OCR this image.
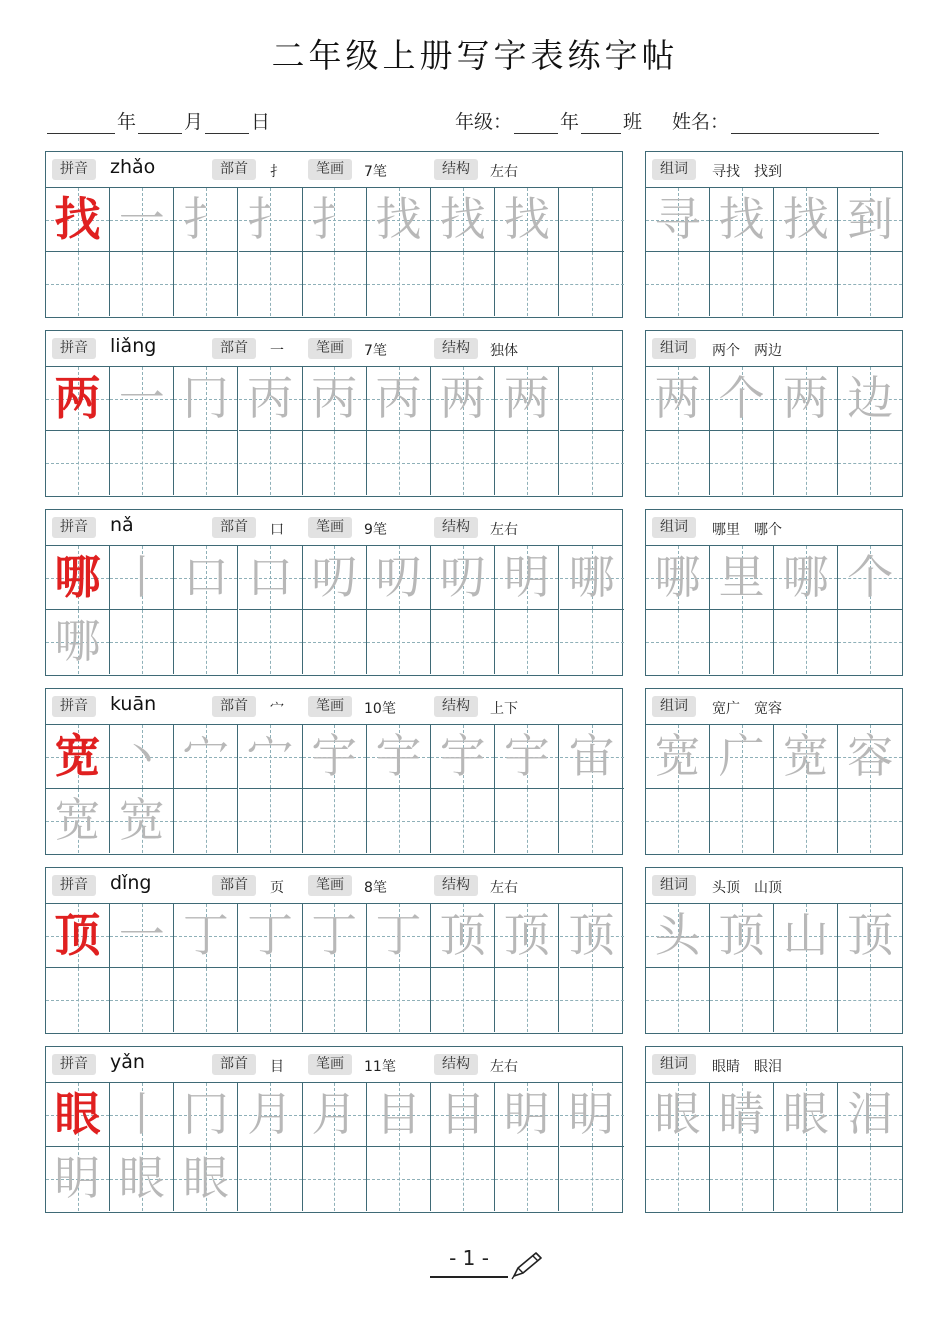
二年级上册写字表练字帖
年	月	日	年级：	年 班 姓名：
拼音	zhǎo	部首	扌	笔画	7笔	结构	左右
找 一 扌 扌 扌 找 找 找
组词	寻找　找到
寻 找 找 到
拼音	liǎng	部首	一	笔画	7笔	结构	独体
两 一 冂 丙 丙 丙 两 两
组词	两个　两边
两 个 两 边
拼音	nǎ	部首	口	笔画	9笔	结构	左右
哪 丨 口 口 叨 叨 叨 明 哪
哪
组词	哪里　哪个
哪 里 哪 个
拼音	kuān	部首	宀	笔画	10笔	结构	上下
宽 丶 宀 宀 宇 宇 宇 宇 宙
宽 宽
组词	宽广　宽容
宽 广 宽 容
拼音	dǐng	部首	页	笔画	8笔	结构	左右
顶 一 丁 丁 丁 丁 顶 顶 顶
组词	头顶　山顶
头 顶 山 顶
拼音	yǎn	部首	目	笔画	11笔	结构	左右
眼 丨 冂 月 月 目 目 眀 眀
眀 眼 眼
组词	眼睛　眼泪
眼 睛 眼 泪
- 1 -
